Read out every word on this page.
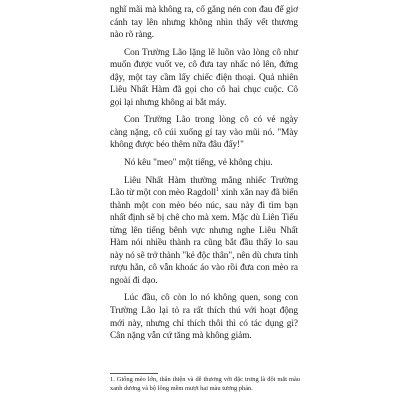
nghĩ mãi mà không ra, cố gắng nén con đau để giơ cánh tay lên nhưng không nhìn thấy vết thương nào rõ ràng.

Con Trường Lão lặng lẽ luồn vào lòng cô như muốn được vuốt ve, cô đưa tay nhấc nó lên, đứng dậy, một tay cầm lấy chiếc điện thoại. Quả nhiên Liêu Nhất Hàm đã gọi cho cô hai chục cuộc. Cô gọi lại nhưng không ai bắt máy.

Con Trường Lão trong lòng cô có vẻ ngày càng nặng, cô cúi xuống gí tay vào mũi nó. "Mày không được béo thêm nữa đâu đấy!"

Nó kêu "meo" một tiếng, vẻ không chịu.

Liêu Nhất Hàm thường mắng nhiếc Trường Lão từ một con mèo Ragdoll$^1$ xinh xắn nay đã biến thành một con mèo béo núc, sau này đi tìm bạn nhất định sẽ bị chê cho mà xem. Mặc dù Liên Tiểu từng lên tiếng bênh vực nhưng nghe Liêu Nhất Hàm nói nhiều thành ra cũng bắt đầu thấy lo sau này nó sẽ trở thành "kẻ độc thân", nên dù chưa tỉnh rượu hẳn, cô vẫn khoác áo vào rồi đưa con mèo ra ngoài đi dạo.

Lúc đầu, cô còn lo nó không quen, song con Trường Lão lại tỏ ra rất thích thú với hoạt động mới này, nhưng chỉ thích thôi thì có tác dụng gì? Cân nặng vẫn cứ tăng mà không giảm.

1. Giống mèo lớn, thân thiện và dễ thương với đặc trưng là đôi mắt màu xanh dương và bộ lông mềm mượt hai màu tương phản.
